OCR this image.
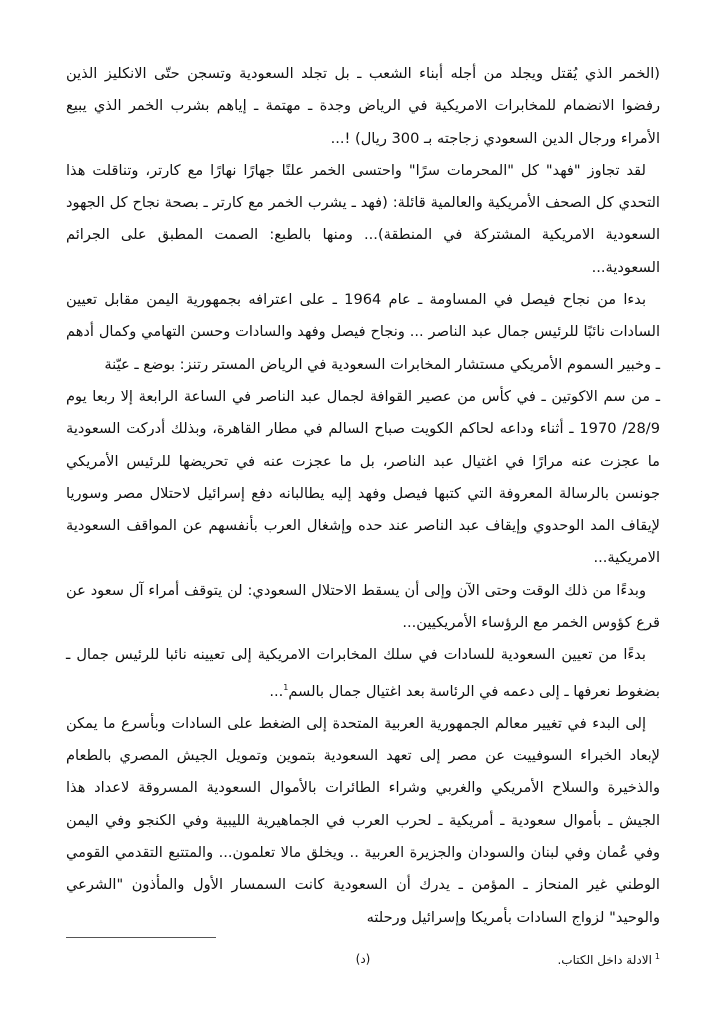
(الخمر الذي يُقتل ويجلد من أجله أبناء الشعب ـ بل تجلد السعودية وتسجن حتّى الانكليز الذين رفضوا الانضمام للمخابرات الامريكية في الرياض وجدة ـ مهتمة ـ إياهم بشرب الخمر الذي يبيع الأمراء ورجال الدين السعودي زجاجته بـ 300 ريال) !...

لقد تجاوز "فهد" كل "المحرمات سرًا" واحتسى الخمر علنًا جهارًا نهارًا مع كارتر، وتناقلت هذا التحدي كل الصحف الأمريكية والعالمية قائلة: (فهد ـ يشرب الخمر مع كارتر ـ بصحة نجاح كل الجهود السعودية الامريكية المشتركة في المنطقة)... ومنها بالطبع: الصمت المطبق على الجرائم السعودية...

بدءا من نجاح فيصل في المساومة ـ عام 1964 ـ على اعترافه بجمهورية اليمن مقابل تعيين السادات نائبًا للرئيس جمال عبد الناصر ... ونجاح فيصل وفهد والسادات وحسن التهامي وكمال أدهم ـ وخبير السموم الأمريكي مستشار المخابرات السعودية في الرياض المستر رتنز: بوضع ـ عيّنة

ـ من سم الاكوتين ـ في كأس من عصير القوافة لجمال عبد الناصر في الساعة الرابعة إلا ربعا يوم 28/9/ 1970 ـ أثناء وداعه لحاكم الكويت صباح السالم في مطار القاهرة، وبذلك أدركت السعودية ما عجزت عنه مرارًا في اغتيال عبد الناصر، بل ما عجزت عنه في تحريضها للرئيس الأمريكي جونسن بالرسالة المعروفة التي كتبها فيصل وفهد إليه يطالبانه دفع إسرائيل لاحتلال مصر وسوريا لإيقاف المد الوحدوي وإيقاف عبد الناصر عند حده وإشغال العرب بأنفسهم عن المواقف السعودية الامريكية...

وبدءًا من ذلك الوقت وحتى الآن وإلى أن يسقط الاحتلال السعودي: لن يتوقف أمراء آل سعود عن قرع كؤوس الخمر مع الرؤساء الأمريكيين...

بدءًا من تعيين السعودية للسادات في سلك المخابرات الامريكية إلى تعيينه نائبا للرئيس جمال ـ بضغوط نعرفها ـ إلى دعمه في الرئاسة بعد اغتيال جمال بالسم$^1$...

إلى البدء في تغيير معالم الجمهورية العربية المتحدة إلى الضغط على السادات وبأسرع ما يمكن لإبعاد الخبراء السوفييت عن مصر إلى تعهد السعودية بتموين وتمويل الجيش المصري بالطعام والذخيرة والسلاح الأمريكي والغربي وشراء الطائرات بالأموال السعودية المسروقة لاعداد هذا الجيش ـ بأموال سعودية ـ أمريكية ـ لحرب العرب في الجماهيرية الليبية وفي الكنجو وفي اليمن وفي عُمان وفي لبنان والسودان والجزيرة العربية .. ويخلق مالا تعلمون... والمتتبع التقدمي القومي الوطني غير المنحاز ـ المؤمن ـ يدرك أن السعودية كانت السمسار الأول والمأذون "الشرعي والوحيد" لزواج السادات بأمريكا وإسرائيل ورحلته

$^1$الادلة داخل الكتاب.
(د)
